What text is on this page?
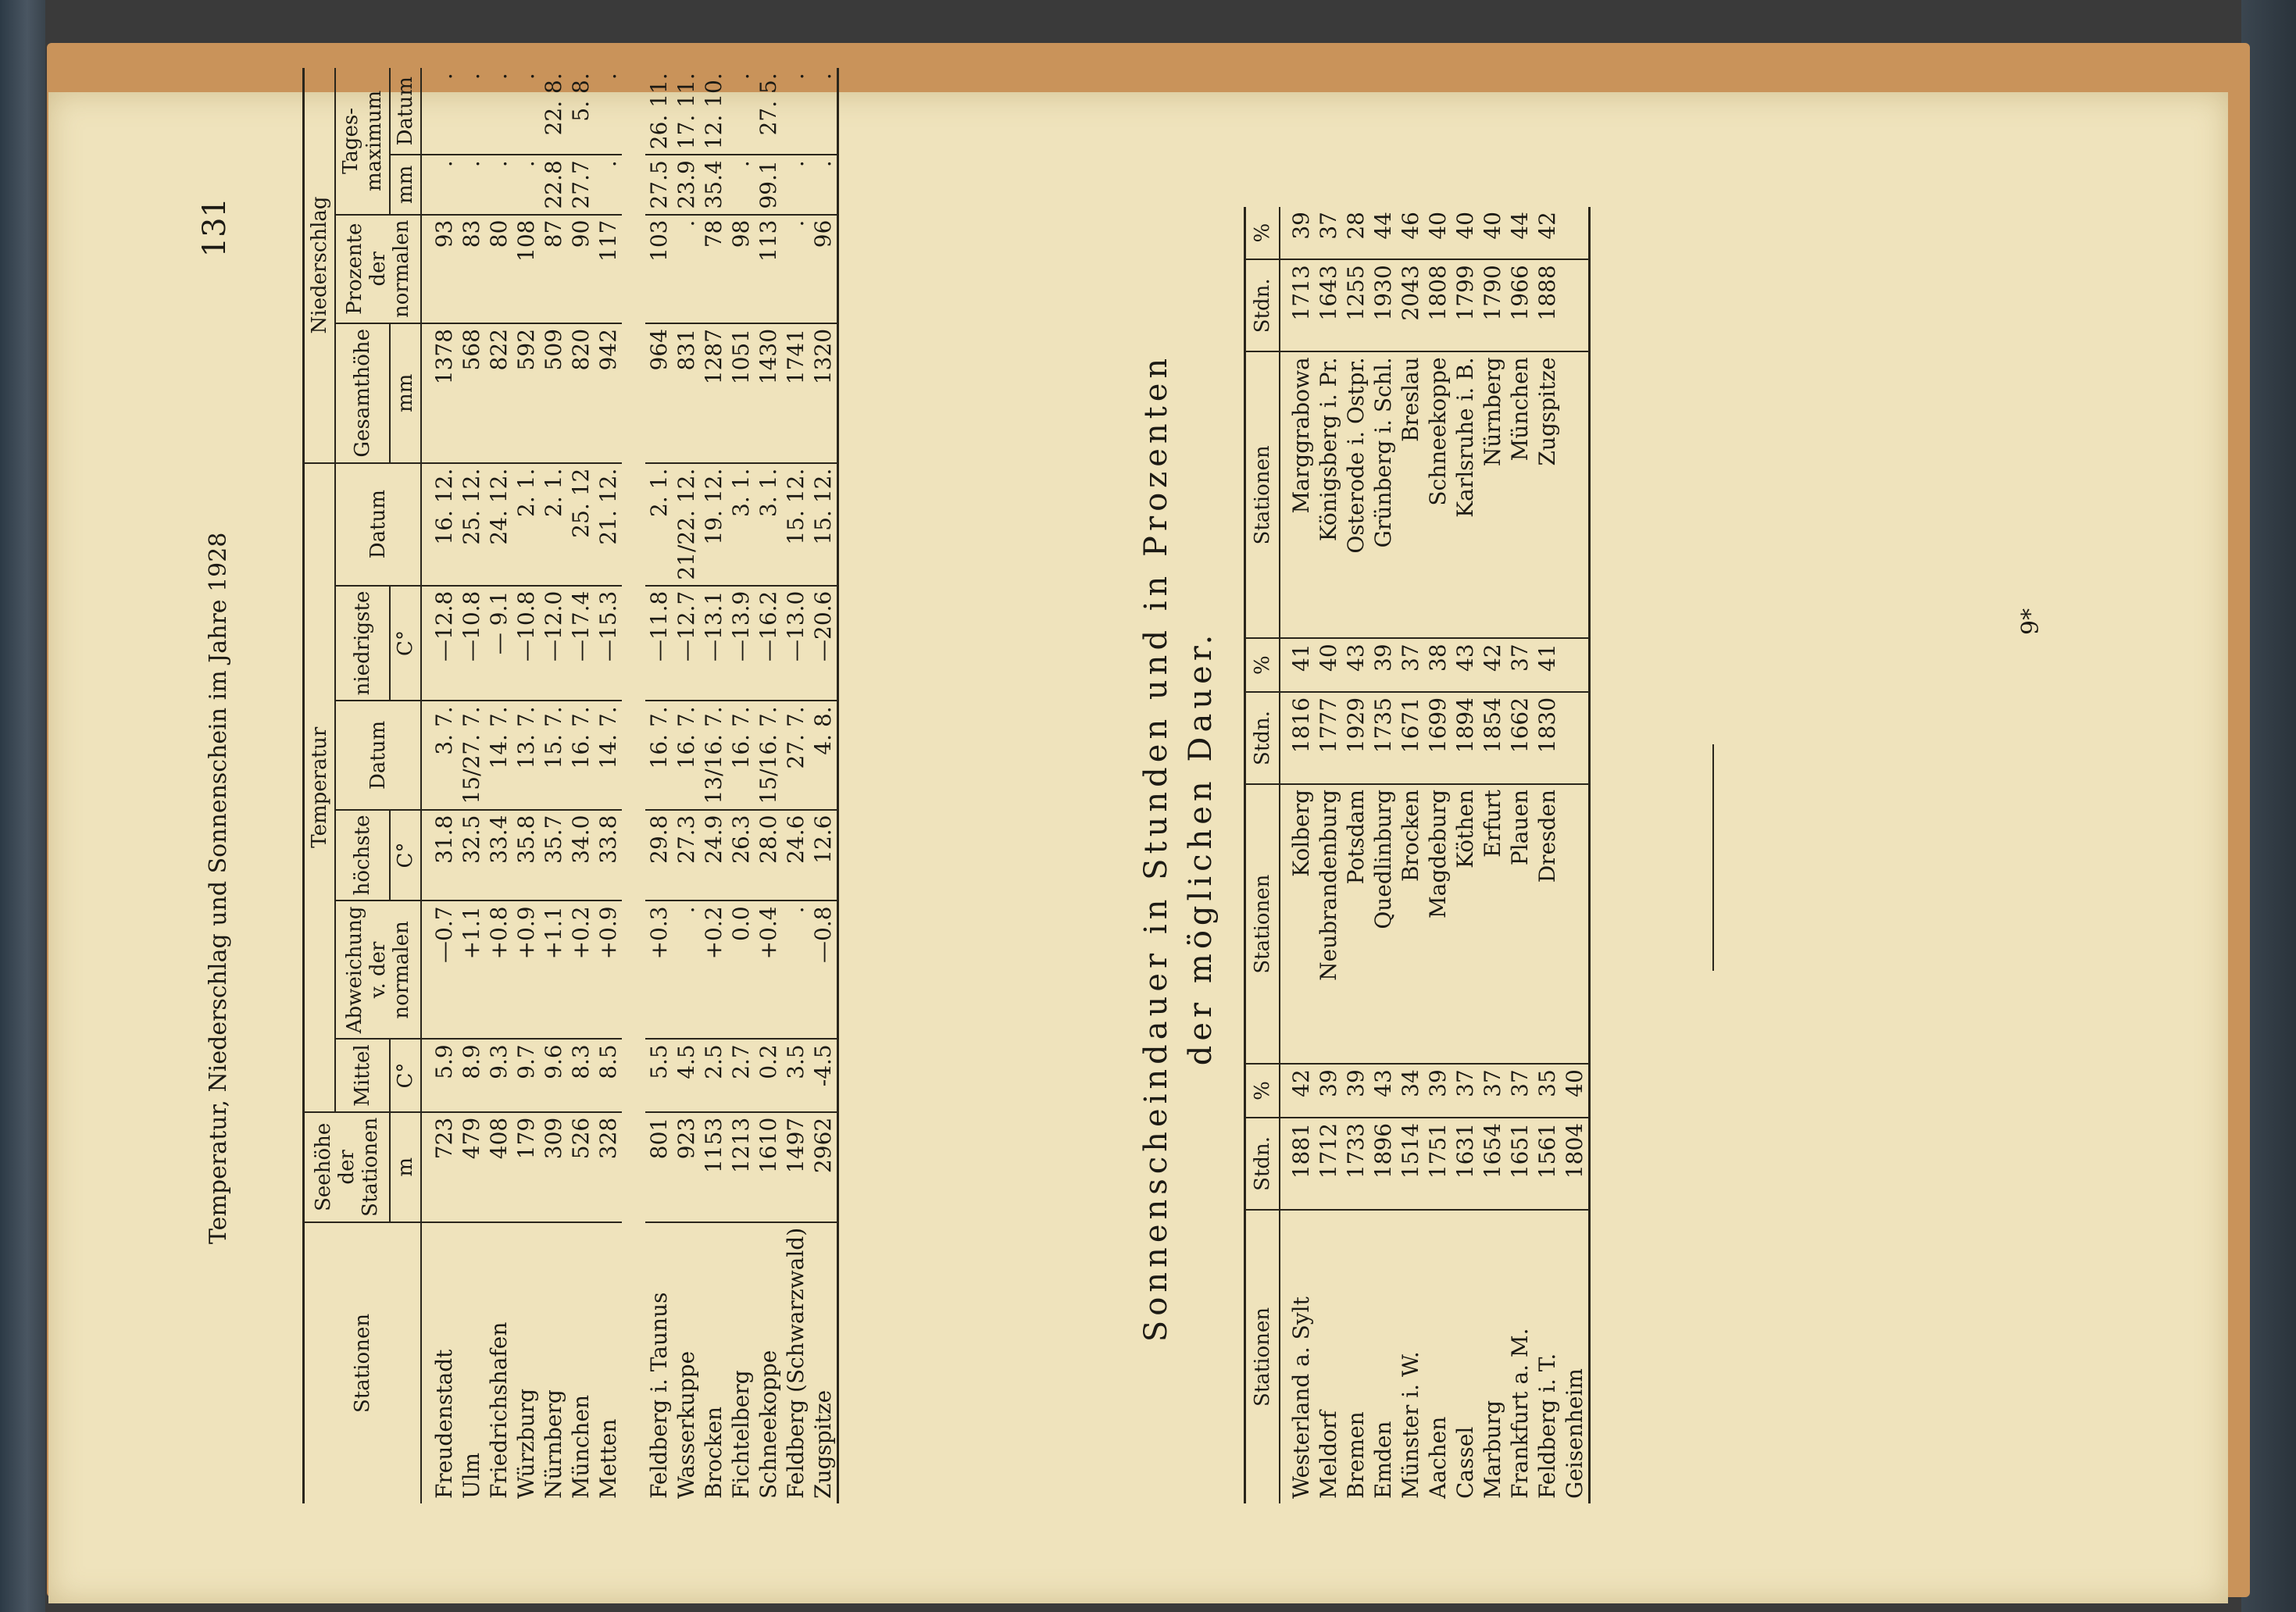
Temperatur, Niederschlag und Sonnenschein im Jahre 1928
131
Stationen	Seehöhe der Stationen	Temperatur						Niederschlag			
		Mittel	Abweichung v. der normalen	höchste	Datum	niedrigste	Datum	Gesamthöhe	Prozente der normalen	Tages-maximum	
	m	C°		C°		C°		mm		mm	Datum
Freudenstadt	723	5.9	—0.7	31.8	3. 7.	—12.8	16. 12.	1378	93	.	.
Ulm	479	8.9	+1.1	32.5	15/27. 7.	—10.8	25. 12.	568	83	.	.
Friedrichshafen	408	9.3	+0.8	33.4	14. 7.	— 9.1	24. 12.	822	80	.	.
Würzburg	179	9.7	+0.9	35.8	13. 7.	—10.8	2. 1.	592	108	.	.
Nürnberg	309	9.6	+1.1	35.7	15. 7.	—12.0	2. 1.	509	87	22.8	22. 8.
München	526	8.3	+0.2	34.0	16. 7.	—17.4	25. 12	820	90	27.7	5. 8.
Metten	328	8.5	+0.9	33.8	14. 7.	—15.3	21. 12.	942	117	.	.

Feldberg i. Taunus	801	5.5	+0.3	29.8	16. 7.	—11.8	2. 1.	964	103	27.5	26. 11.
Wasserkuppe	923	4.5	.	27.3	16. 7.	—12.7	21/22. 12.	831	.	23.9	17. 11.
Brocken	1153	2.5	+0.2	24.9	13/16. 7.	—13.1	19. 12.	1287	78	35.4	12. 10.
Fichtelberg	1213	2.7	0.0	26.3	16. 7.	—13.9	3. 1.	1051	98	.	.
Schneekoppe	1610	0.2	+0.4	28.0	15/16. 7.	—16.2	3. 1.	1430	113	99.1	27. 5.
Feldberg (Schwarzwald)	1497	3.5	.	24.6	27. 7.	—13.0	15. 12.	1741	.	.	.
Zugspitze	2962	-4.5	—0.8	12.6	4. 8.	—20.6	15. 12.	1320	96	.	.
Sonnenscheindauer in Stunden und in Prozenten der möglichen Dauer.
Stationen	Stdn.	%	Stationen	Stdn.	%	Stationen	Stdn.	%
Westerland a. Sylt	1881	42	Kolberg	1816	41	Marggrabowa	1713	39
Meldorf	1712	39	Neubrandenburg	1777	40	Königsberg i. Pr.	1643	37
Bremen	1733	39	Potsdam	1929	43	Osterode i. Ostpr.	1255	28
Emden	1896	43	Quedlinburg	1735	39	Grünberg i. Schl.	1930	44
Münster i. W.	1514	34	Brocken	1671	37	Breslau	2043	46
Aachen	1751	39	Magdeburg	1699	38	Schneekoppe	1808	40
Cassel	1631	37	Köthen	1894	43	Karlsruhe i. B.	1799	40
Marburg	1654	37	Erfurt	1854	42	Nürnberg	1790	40
Frankfurt a. M.	1651	37	Plauen	1662	37	München	1966	44
Feldberg i. T.	1561	35	Dresden	1830	41	Zugspitze	1888	42
Geisenheim	1804	40						
9*
